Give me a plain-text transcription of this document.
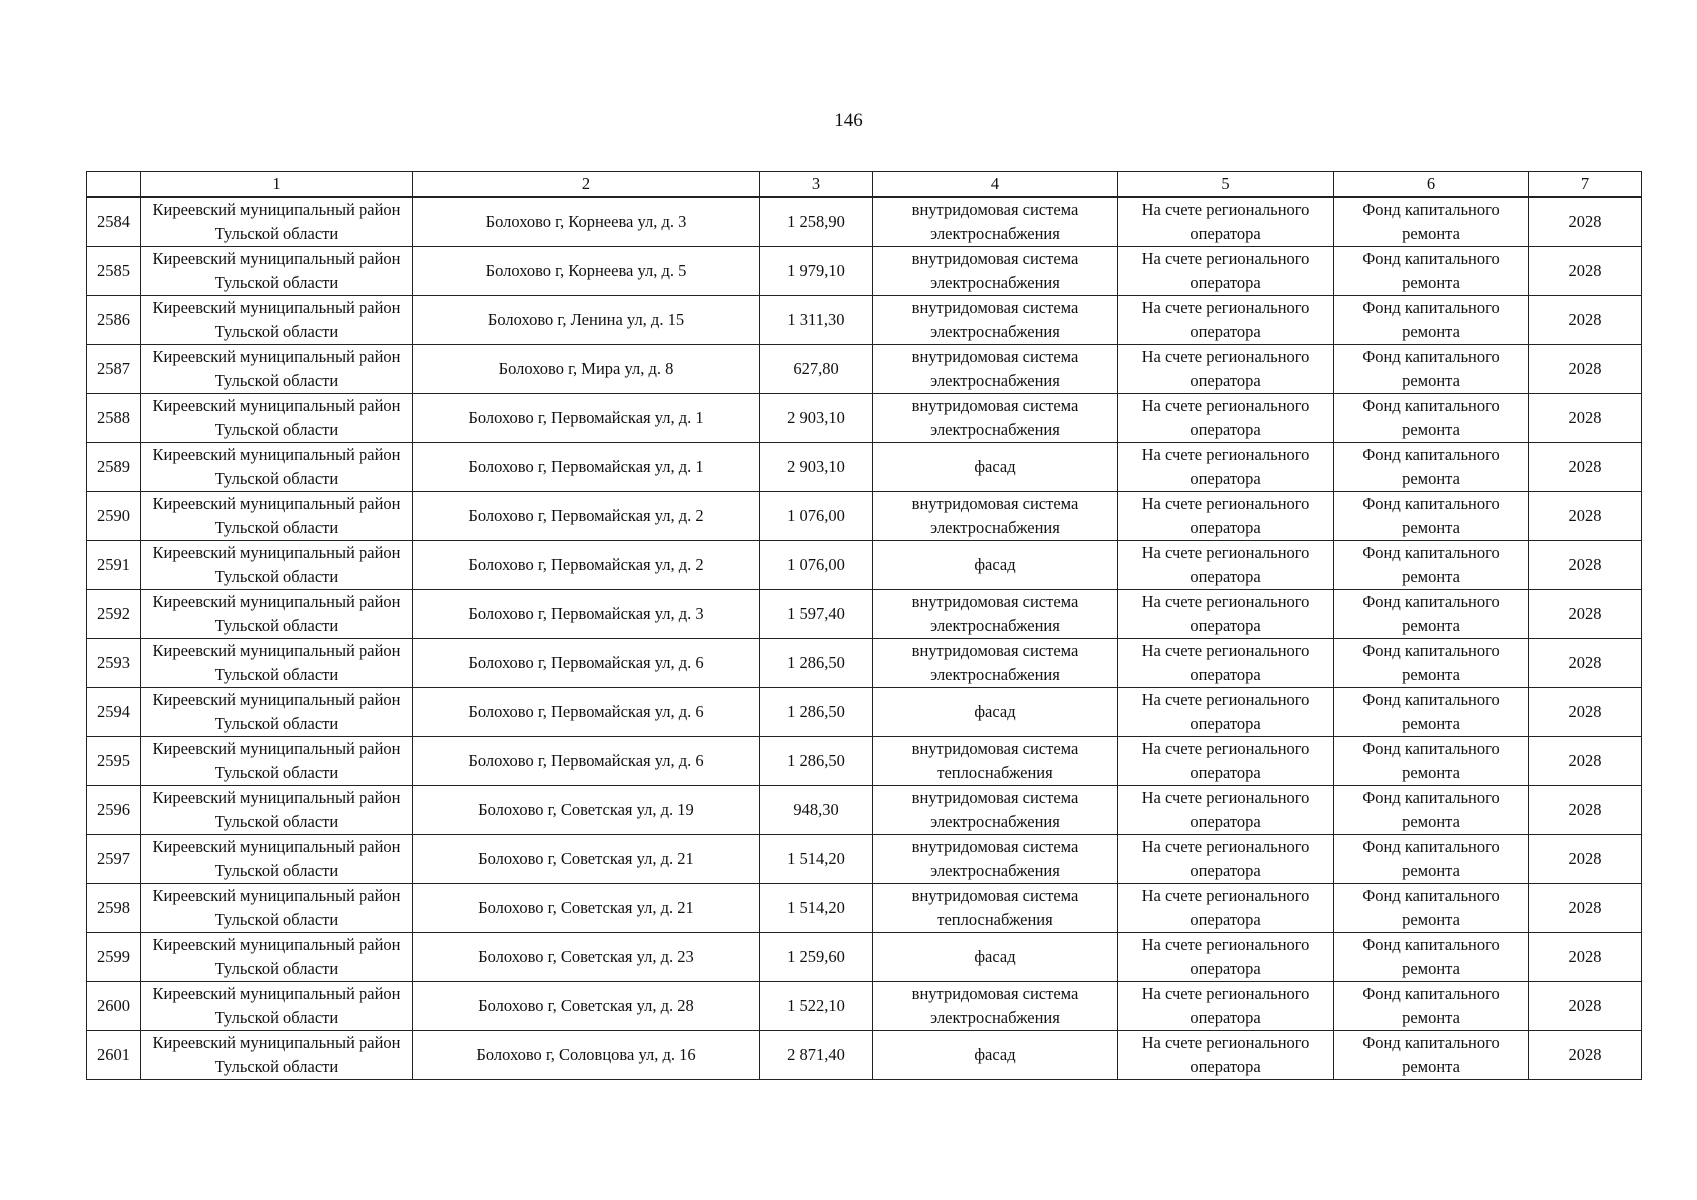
146
	1	2	3	4	5	6	7
2584	Киреевский муниципальный район Тульской области	Болохово г, Корнеева ул, д. 3	1 258,90	внутридомовая система электроснабжения	На счете регионального оператора	Фонд капитального ремонта	2028
2585	Киреевский муниципальный район Тульской области	Болохово г, Корнеева ул, д. 5	1 979,10	внутридомовая система электроснабжения	На счете регионального оператора	Фонд капитального ремонта	2028
2586	Киреевский муниципальный район Тульской области	Болохово г, Ленина ул, д. 15	1 311,30	внутридомовая система электроснабжения	На счете регионального оператора	Фонд капитального ремонта	2028
2587	Киреевский муниципальный район Тульской области	Болохово г, Мира ул, д. 8	627,80	внутридомовая система электроснабжения	На счете регионального оператора	Фонд капитального ремонта	2028
2588	Киреевский муниципальный район Тульской области	Болохово г, Первомайская ул, д. 1	2 903,10	внутридомовая система электроснабжения	На счете регионального оператора	Фонд капитального ремонта	2028
2589	Киреевский муниципальный район Тульской области	Болохово г, Первомайская ул, д. 1	2 903,10	фасад	На счете регионального оператора	Фонд капитального ремонта	2028
2590	Киреевский муниципальный район Тульской области	Болохово г, Первомайская ул, д. 2	1 076,00	внутридомовая система электроснабжения	На счете регионального оператора	Фонд капитального ремонта	2028
2591	Киреевский муниципальный район Тульской области	Болохово г, Первомайская ул, д. 2	1 076,00	фасад	На счете регионального оператора	Фонд капитального ремонта	2028
2592	Киреевский муниципальный район Тульской области	Болохово г, Первомайская ул, д. 3	1 597,40	внутридомовая система электроснабжения	На счете регионального оператора	Фонд капитального ремонта	2028
2593	Киреевский муниципальный район Тульской области	Болохово г, Первомайская ул, д. 6	1 286,50	внутридомовая система электроснабжения	На счете регионального оператора	Фонд капитального ремонта	2028
2594	Киреевский муниципальный район Тульской области	Болохово г, Первомайская ул, д. 6	1 286,50	фасад	На счете регионального оператора	Фонд капитального ремонта	2028
2595	Киреевский муниципальный район Тульской области	Болохово г, Первомайская ул, д. 6	1 286,50	внутридомовая система теплоснабжения	На счете регионального оператора	Фонд капитального ремонта	2028
2596	Киреевский муниципальный район Тульской области	Болохово г, Советская ул, д. 19	948,30	внутридомовая система электроснабжения	На счете регионального оператора	Фонд капитального ремонта	2028
2597	Киреевский муниципальный район Тульской области	Болохово г, Советская ул, д. 21	1 514,20	внутридомовая система электроснабжения	На счете регионального оператора	Фонд капитального ремонта	2028
2598	Киреевский муниципальный район Тульской области	Болохово г, Советская ул, д. 21	1 514,20	внутридомовая система теплоснабжения	На счете регионального оператора	Фонд капитального ремонта	2028
2599	Киреевский муниципальный район Тульской области	Болохово г, Советская ул, д. 23	1 259,60	фасад	На счете регионального оператора	Фонд капитального ремонта	2028
2600	Киреевский муниципальный район Тульской области	Болохово г, Советская ул, д. 28	1 522,10	внутридомовая система электроснабжения	На счете регионального оператора	Фонд капитального ремонта	2028
2601	Киреевский муниципальный район Тульской области	Болохово г, Соловцова ул, д. 16	2 871,40	фасад	На счете регионального оператора	Фонд капитального ремонта	2028
